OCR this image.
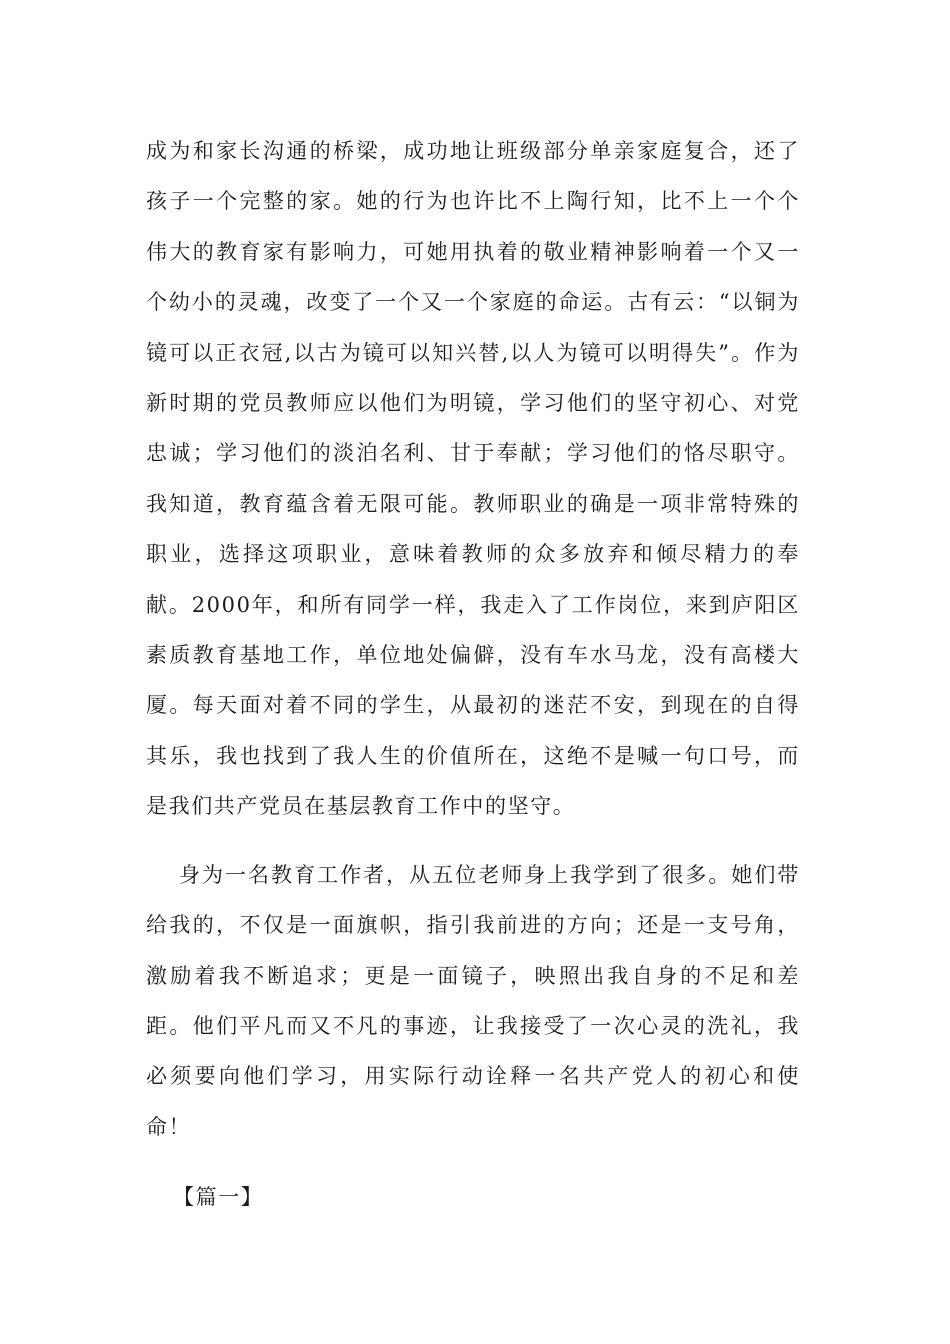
成为和家长沟通的桥梁，成功地让班级部分单亲家庭复合，还了孩子一个完整的家。她的行为也许比不上陶行知，比不上一个个伟大的教育家有影响力，可她用执着的敬业精神影响着一个又一个幼小的灵魂，改变了一个又一个家庭的命运。古有云：“以铜为镜可以正衣冠,以古为镜可以知兴替,以人为镜可以明得失”。作为新时期的党员教师应以他们为明镜，学习他们的坚守初心、对党忠诚；学习他们的淡泊名利、甘于奉献；学习他们的恪尽职守。我知道，教育蕴含着无限可能。教师职业的确是一项非常特殊的职业，选择这项职业，意味着教师的众多放弃和倾尽精力的奉献。2000年，和所有同学一样，我走入了工作岗位，来到庐阳区素质教育基地工作，单位地处偏僻，没有车水马龙，没有高楼大厦。每天面对着不同的学生，从最初的迷茫不安，到现在的自得其乐，我也找到了我人生的价值所在，这绝不是喊一句口号，而是我们共产党员在基层教育工作中的坚守。

身为一名教育工作者，从五位老师身上我学到了很多。她们带给我的，不仅是一面旗帜，指引我前进的方向；还是一支号角，激励着我不断追求；更是一面镜子，映照出我自身的不足和差距。他们平凡而又不凡的事迹，让我接受了一次心灵的洗礼，我必须要向他们学习，用实际行动诠释一名共产党人的初心和使命！

【篇一】
